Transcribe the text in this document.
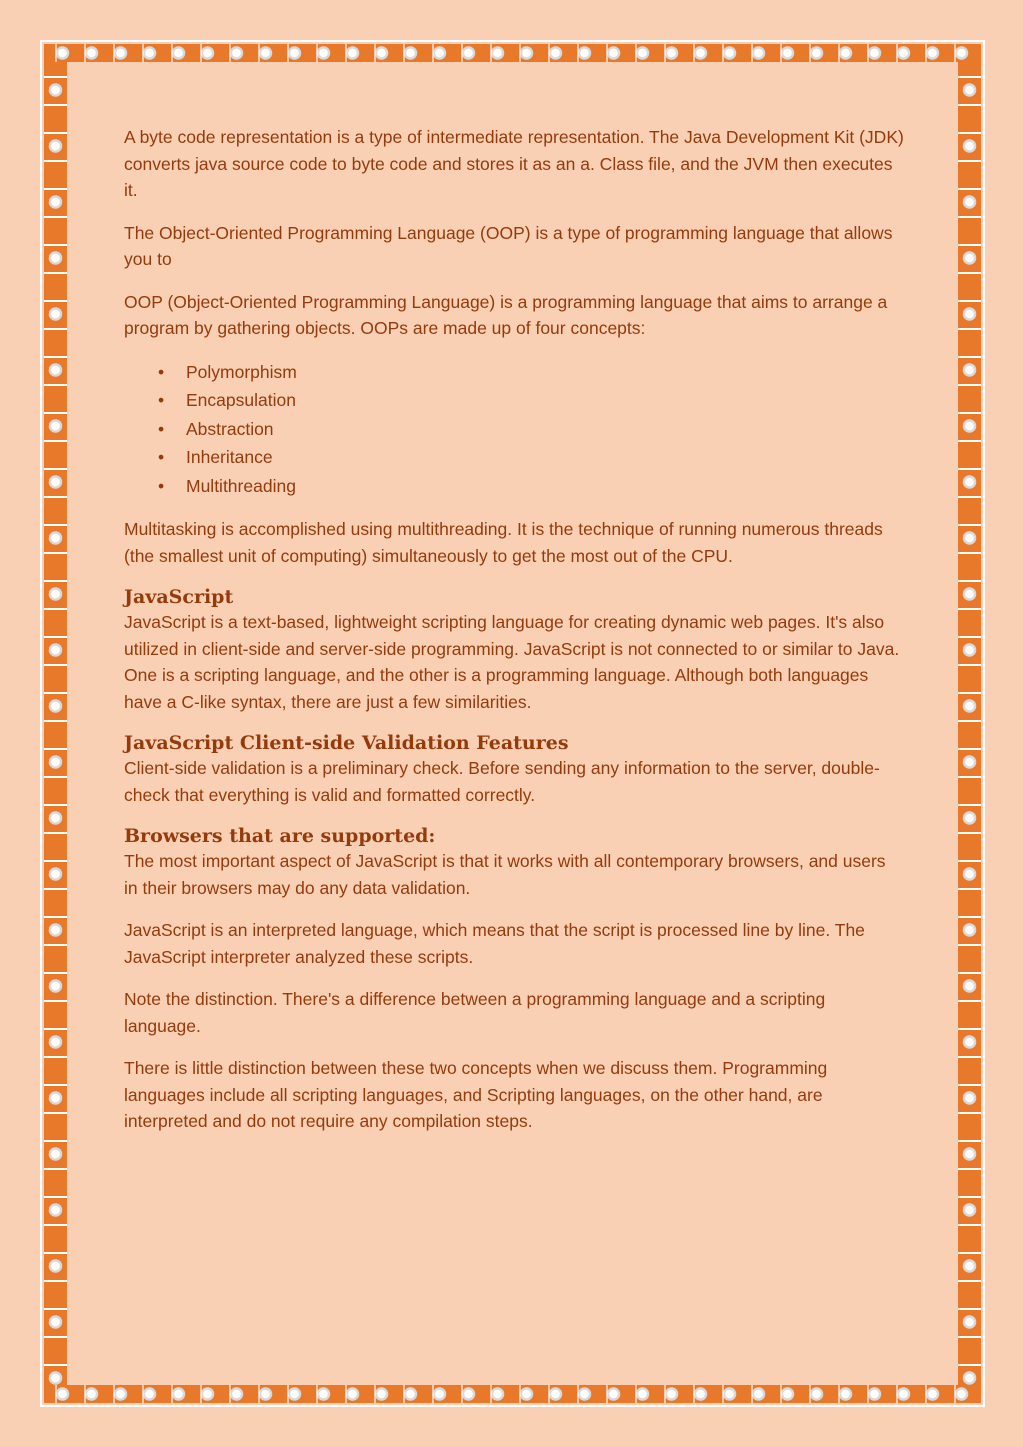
A byte code representation is a type of intermediate representation. The Java Development Kit (JDK) converts java source code to byte code and stores it as an a. Class file, and the JVM then executes it.

The Object-Oriented Programming Language (OOP) is a type of programming language that allows you to

OOP (Object-Oriented Programming Language) is a programming language that aims to arrange a program by gathering objects. OOPs are made up of four concepts:

• Polymorphism
• Encapsulation
• Abstraction
• Inheritance
• Multithreading

Multitasking is accomplished using multithreading. It is the technique of running numerous threads (the smallest unit of computing) simultaneously to get the most out of the CPU.

JavaScript

JavaScript is a text-based, lightweight scripting language for creating dynamic web pages. It's also utilized in client-side and server-side programming. JavaScript is not connected to or similar to Java. One is a scripting language, and the other is a programming language. Although both languages have a C-like syntax, there are just a few similarities.

JavaScript Client-side Validation Features

Client-side validation is a preliminary check. Before sending any information to the server, double-check that everything is valid and formatted correctly.

Browsers that are supported:

The most important aspect of JavaScript is that it works with all contemporary browsers, and users in their browsers may do any data validation.

JavaScript is an interpreted language, which means that the script is processed line by line. The JavaScript interpreter analyzed these scripts.

Note the distinction. There's a difference between a programming language and a scripting language.

There is little distinction between these two concepts when we discuss them. Programming languages include all scripting languages, and Scripting languages, on the other hand, are interpreted and do not require any compilation steps.
